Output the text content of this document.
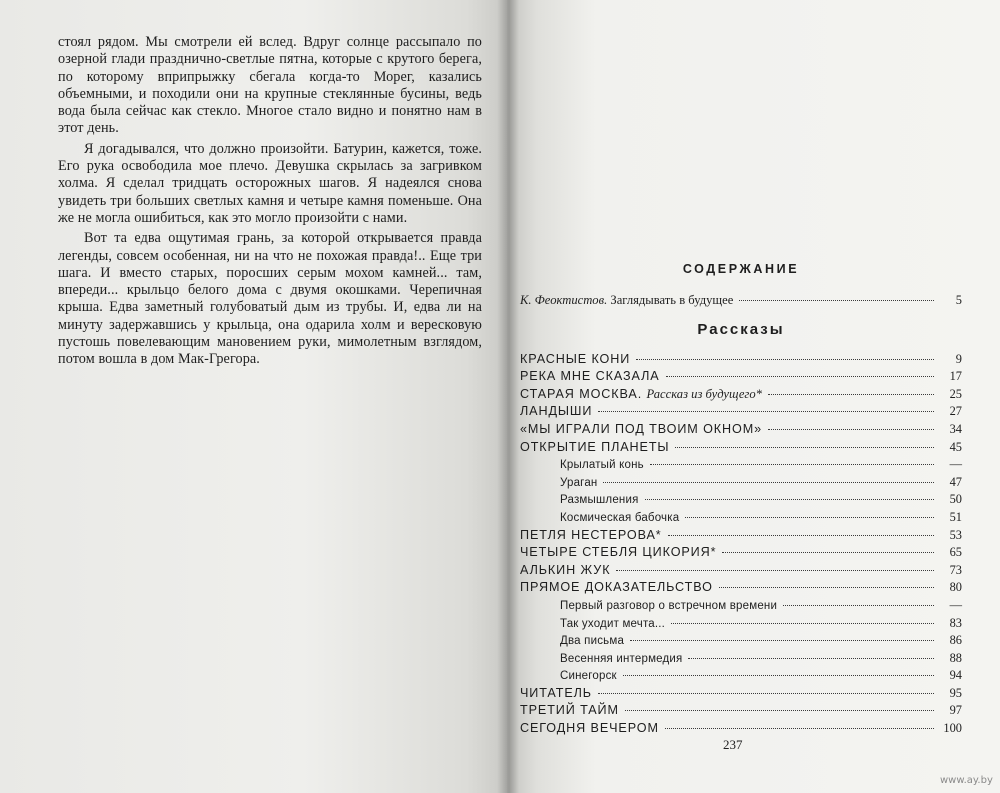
стоял рядом. Мы смотрели ей вслед. Вдруг солнце рассыпало по озерной глади празднично-светлые пятна, которые с крутого берега, по которому вприпрыжку сбегала когда-то Морег, казались объемными, и походили они на крупные стеклянные бусины, ведь вода была сейчас как стекло. Многое стало видно и понятно нам в этот день.

Я догадывался, что должно произойти. Батурин, кажется, тоже. Его рука освободила мое плечо. Девушка скрылась за загривком холма. Я сделал тридцать осторожных шагов. Я надеялся снова увидеть три больших светлых камня и четыре камня поменьше. Она же не могла ошибиться, как это могло произойти с нами.

Вот та едва ощутимая грань, за которой открывается правда легенды, совсем особенная, ни на что не похожая правда!.. Еще три шага. И вместо старых, поросших серым мохом камней... там, впереди... крыльцо белого дома с двумя окошками. Черепичная крыша. Едва заметный голубоватый дым из трубы. И, едва ли на минуту задержавшись у крыльца, она одарила холм и вересковую пустошь повелевающим мановением руки, мимолетным взглядом, потом вошла в дом Мак-Грегора.

СОДЕРЖАНИЕ
К. Феоктистов. Заглядывать в будущее	5
Рассказы
КРАСНЫЕ КОНИ	9
РЕКА МНЕ СКАЗАЛА	17
СТАРАЯ МОСКВА. Рассказ из будущего*	25
ЛАНДЫШИ	27
«МЫ ИГРАЛИ ПОД ТВОИМ ОКНОМ»	34
ОТКРЫТИЕ ПЛАНЕТЫ	45
Крылатый конь	—
Ураган	47
Размышления	50
Космическая бабочка	51
ПЕТЛЯ НЕСТЕРОВА*	53
ЧЕТЫРЕ СТЕБЛЯ ЦИКОРИЯ*	65
АЛЬКИН ЖУК	73
ПРЯМОЕ ДОКАЗАТЕЛЬСТВО	80
Первый разговор о встречном времени	—
Так уходит мечта...	83
Два письма	86
Весенняя интермедия	88
Синегорск	94
ЧИТАТЕЛЬ	95
ТРЕТИЙ ТАЙМ	97
СЕГОДНЯ ВЕЧЕРОМ	100
237
www.ay.by
